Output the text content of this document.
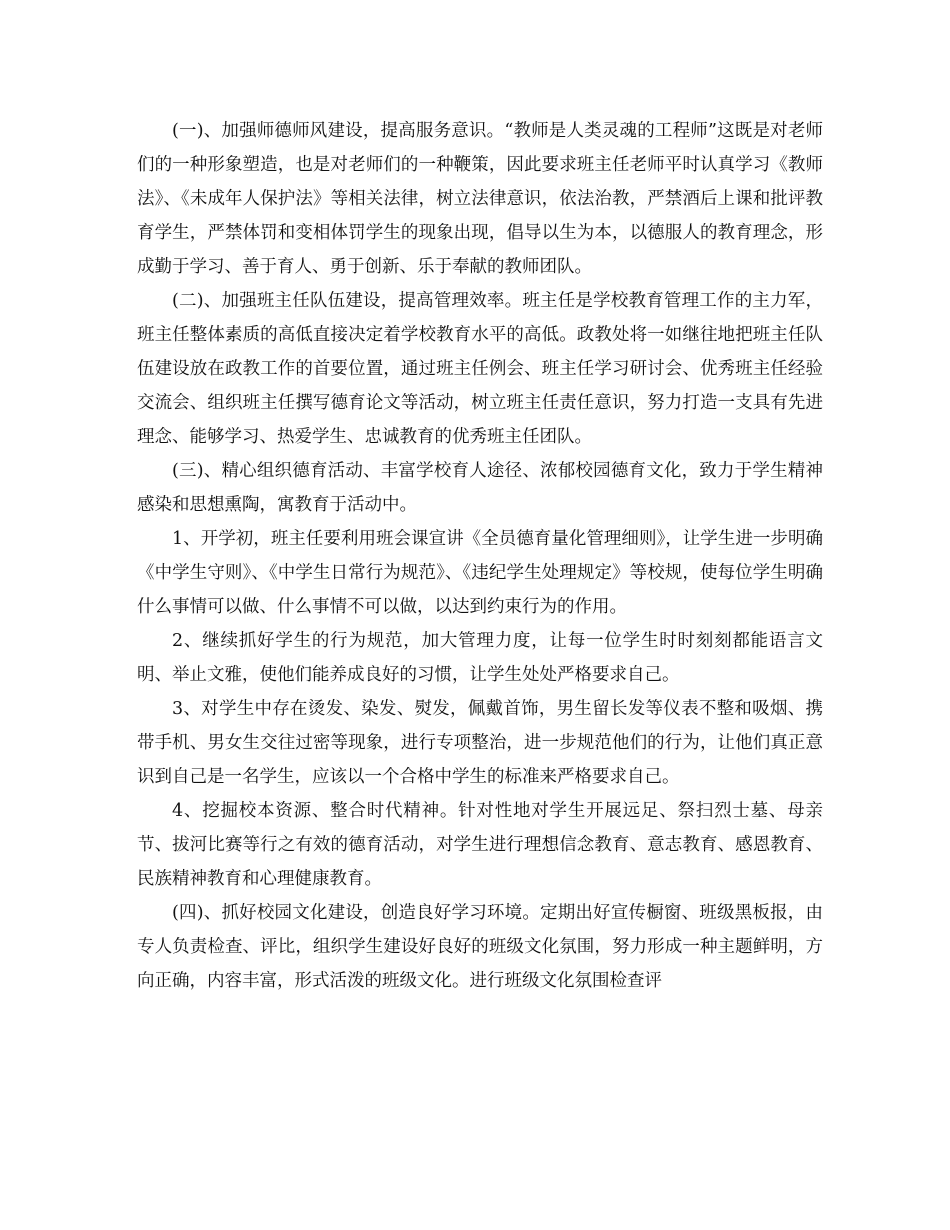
(一)、加强师德师风建设，提高服务意识。“教师是人类灵魂的工程师”这既是对老师们的一种形象塑造，也是对老师们的一种鞭策，因此要求班主任老师平时认真学习《教师法》、《未成年人保护法》等相关法律，树立法律意识，依法治教，严禁酒后上课和批评教育学生，严禁体罚和变相体罚学生的现象出现，倡导以生为本，以德服人的教育理念，形成勤于学习、善于育人、勇于创新、乐于奉献的教师团队。

(二)、加强班主任队伍建设，提高管理效率。班主任是学校教育管理工作的主力军，班主任整体素质的高低直接决定着学校教育水平的高低。政教处将一如继往地把班主任队伍建设放在政教工作的首要位置，通过班主任例会、班主任学习研讨会、优秀班主任经验交流会、组织班主任撰写德育论文等活动，树立班主任责任意识，努力打造一支具有先进理念、能够学习、热爱学生、忠诚教育的优秀班主任团队。

(三)、精心组织德育活动、丰富学校育人途径、浓郁校园德育文化，致力于学生精神感染和思想熏陶，寓教育于活动中。

1、开学初，班主任要利用班会课宣讲《全员德育量化管理细则》，让学生进一步明确《中学生守则》、《中学生日常行为规范》、《违纪学生处理规定》等校规，使每位学生明确什么事情可以做、什么事情不可以做，以达到约束行为的作用。

2、继续抓好学生的行为规范，加大管理力度，让每一位学生时时刻刻都能语言文明、举止文雅，使他们能养成良好的习惯，让学生处处严格要求自己。

3、对学生中存在烫发、染发、熨发，佩戴首饰，男生留长发等仪表不整和吸烟、携带手机、男女生交往过密等现象，进行专项整治，进一步规范他们的行为，让他们真正意识到自己是一名学生，应该以一个合格中学生的标准来严格要求自己。

4、挖掘校本资源、整合时代精神。针对性地对学生开展远足、祭扫烈士墓、母亲节、拔河比赛等行之有效的德育活动，对学生进行理想信念教育、意志教育、感恩教育、民族精神教育和心理健康教育。

(四)、抓好校园文化建设，创造良好学习环境。定期出好宣传橱窗、班级黑板报，由专人负责检查、评比，组织学生建设好良好的班级文化氛围，努力形成一种主题鲜明，方向正确，内容丰富，形式活泼的班级文化。进行班级文化氛围检查评
